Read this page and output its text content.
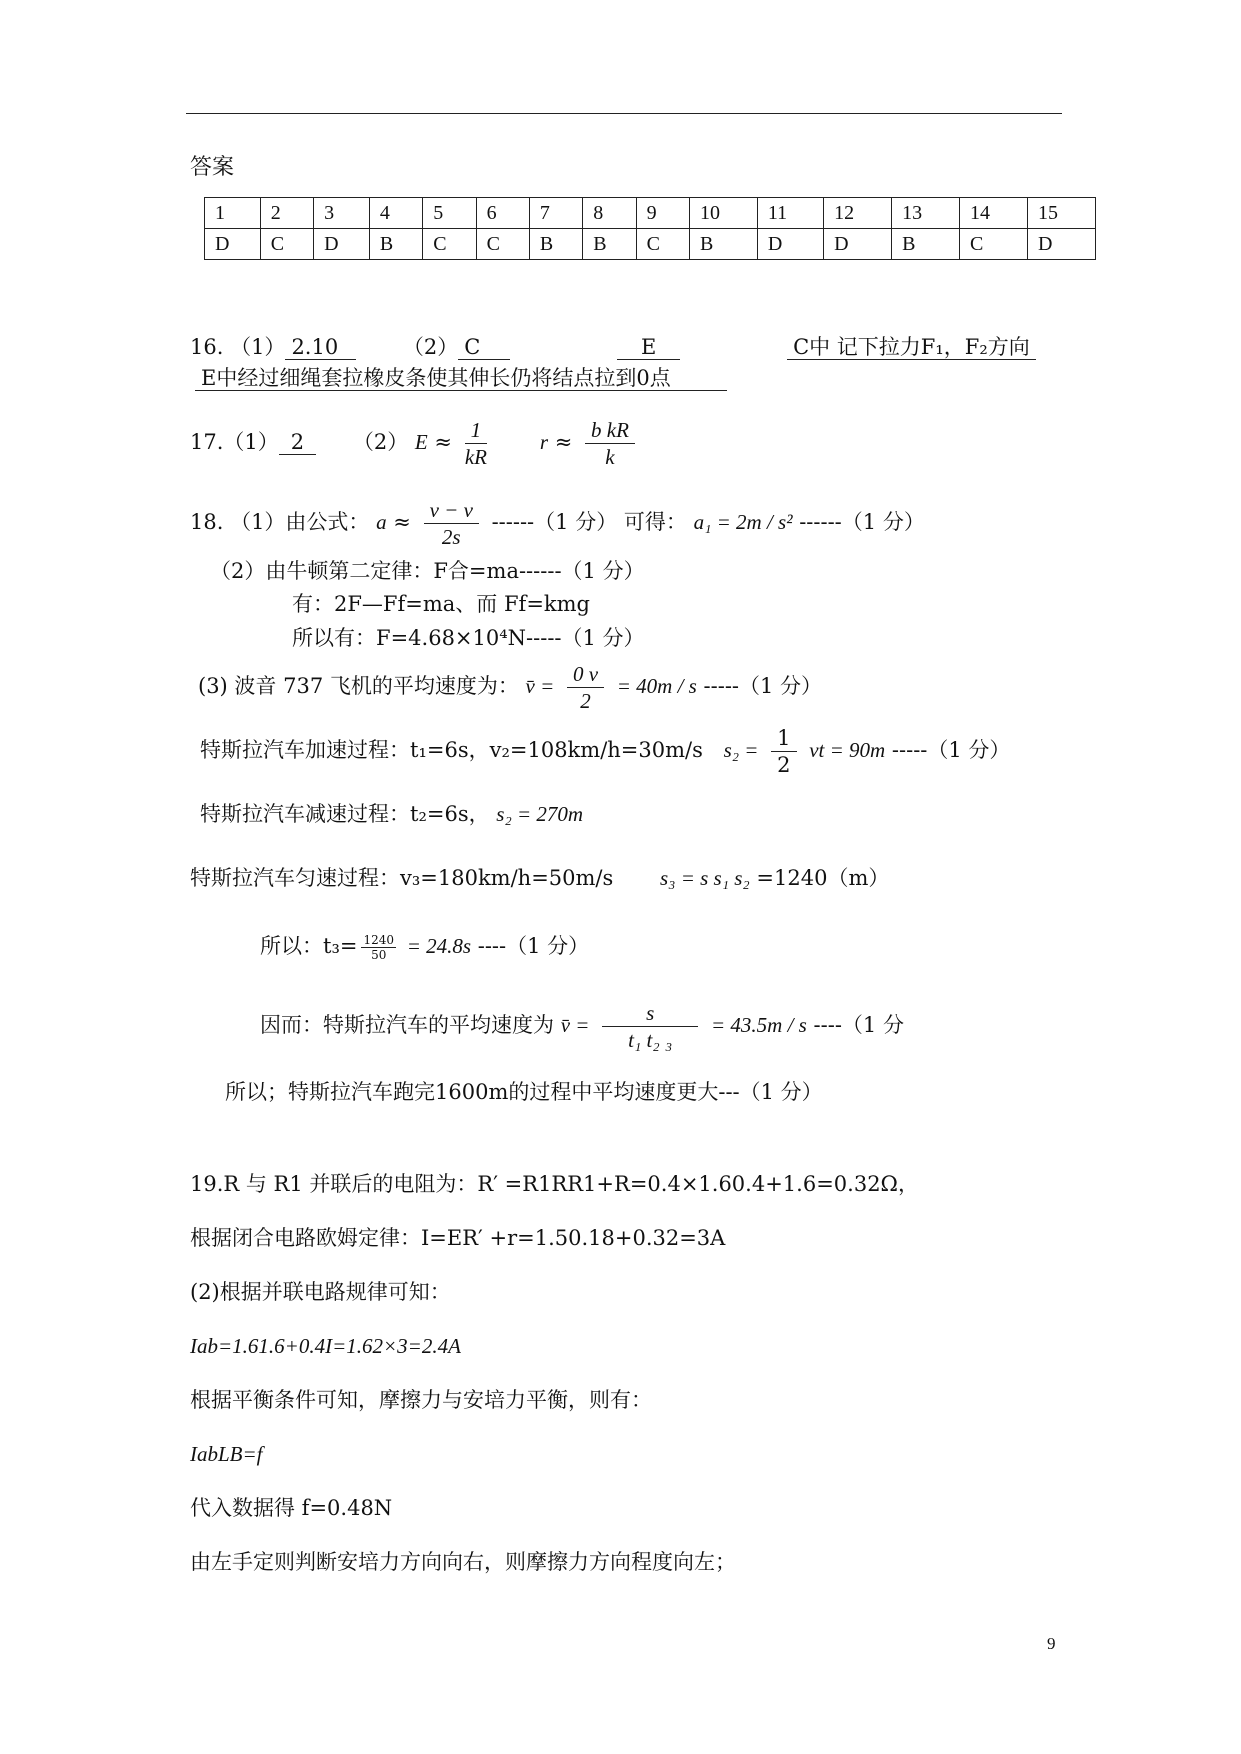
答案
1	2	3	4	5	6	7	8	9	10	11	12	13	14	15
D	C	D	B	C	C	B	B	C	B	D	D	B	C	D
16. （1） 2.10	（2） C	E	C中 记下拉力F₁，F₂方向
E中经过细绳套拉橡皮条使其伸长仍将结点拉到0点
17.（1） 2 （2） $E \approx \frac{1}{kR}$	$r \approx \frac{\text{b kR}}{k}$
18. （1）由公式： $a \approx \frac{v - v}{2s} ------(1$ 分） 可得： a₁ = 2m / s² ------（1 分）
（2）由牛顿第二定律：F合=ma------（1 分）
有：2F—Ff=ma、而 Ff=kmg
所以有：F=4.68×10⁴N-----（1 分）
(3) 波音 737 飞机的平均速度为： v̄ = $\frac{0 v}{2} = 40m / s$ -----（1 分）
特斯拉汽车加速过程：t₁=6s，v₂=108km/h=30m/s $s_2 = \frac{1}{2}$ vt = 90m -----（1 分）
特斯拉汽车减速过程：t₂=6s， s₂ = 270m
特斯拉汽车匀速过程：v₃=180km/h=50m/s s₃ = s s₁ s₂ =1240（m）
所以：$t_3= \frac{1240}{50} = 24.8s$ ----（1 分）
因而：特斯拉汽车的平均速度为 v̄ = $\frac{s}{\text{t₁ t₂ ₃}} = 43.5m / s$ ----（1 分
所以；特斯拉汽车跑完1600m的过程中平均速度更大---（1 分）
19.R 与 R1 并联后的电阻为：R′ =R1RR1+R=0.4×1.60.4+1.6=0.32Ω，
根据闭合电路欧姆定律：I=ER′ +r=1.50.18+0.32=3A
(2)根据并联电路规律可知：
Iab=1.61.6+0.4I=1.62×3=2.4A
根据平衡条件可知，摩擦力与安培力平衡，则有：
IabLB=f
代入数据得 f=0.48N
由左手定则判断安培力方向向右，则摩擦力方向程度向左；
9
